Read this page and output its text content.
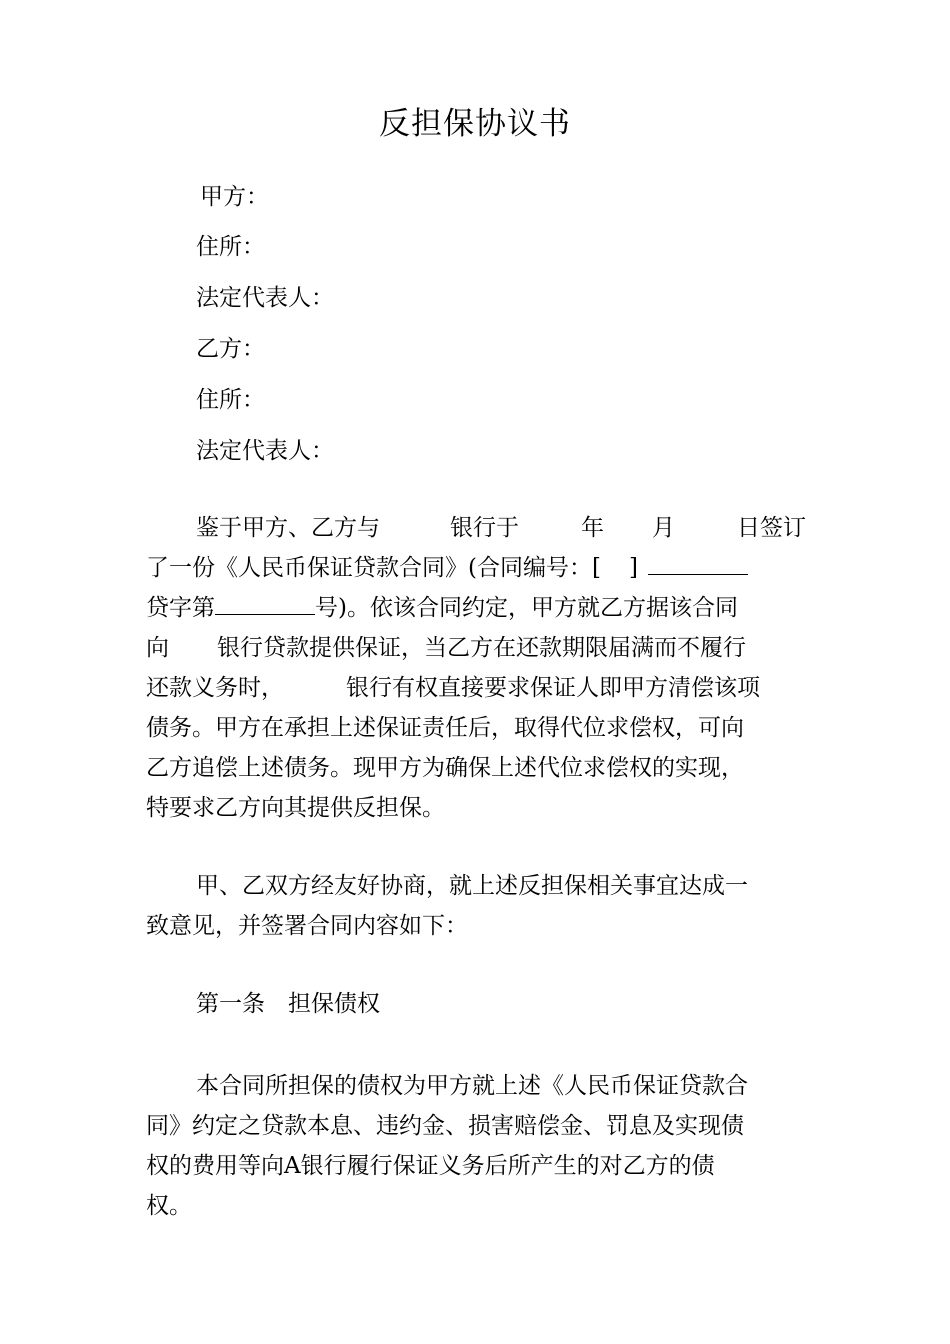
反担保协议书
甲方：
住所：
法定代表人：
乙方：
住所：
法定代表人：
鉴于甲方、乙方与	银行于	年 月	日签订
了一份《人民币保证贷款合同》(合同编号：[ ]
贷字第	号)。依该合同约定，甲方就乙方据该合同
向 银行贷款提供保证，当乙方在还款期限届满而不履行
还款义务时，	银行有权直接要求保证人即甲方清偿该项
债务。甲方在承担上述保证责任后，取得代位求偿权，可向
乙方追偿上述债务。现甲方为确保上述代位求偿权的实现，
特要求乙方向其提供反担保。
甲、乙双方经友好协商，就上述反担保相关事宜达成一
致意见，并签署合同内容如下：
第一条　担保债权
本合同所担保的债权为甲方就上述《人民币保证贷款合
同》约定之贷款本息、违约金、损害赔偿金、罚息及实现债
权的费用等向A银行履行保证义务后所产生的对乙方的债
权。
